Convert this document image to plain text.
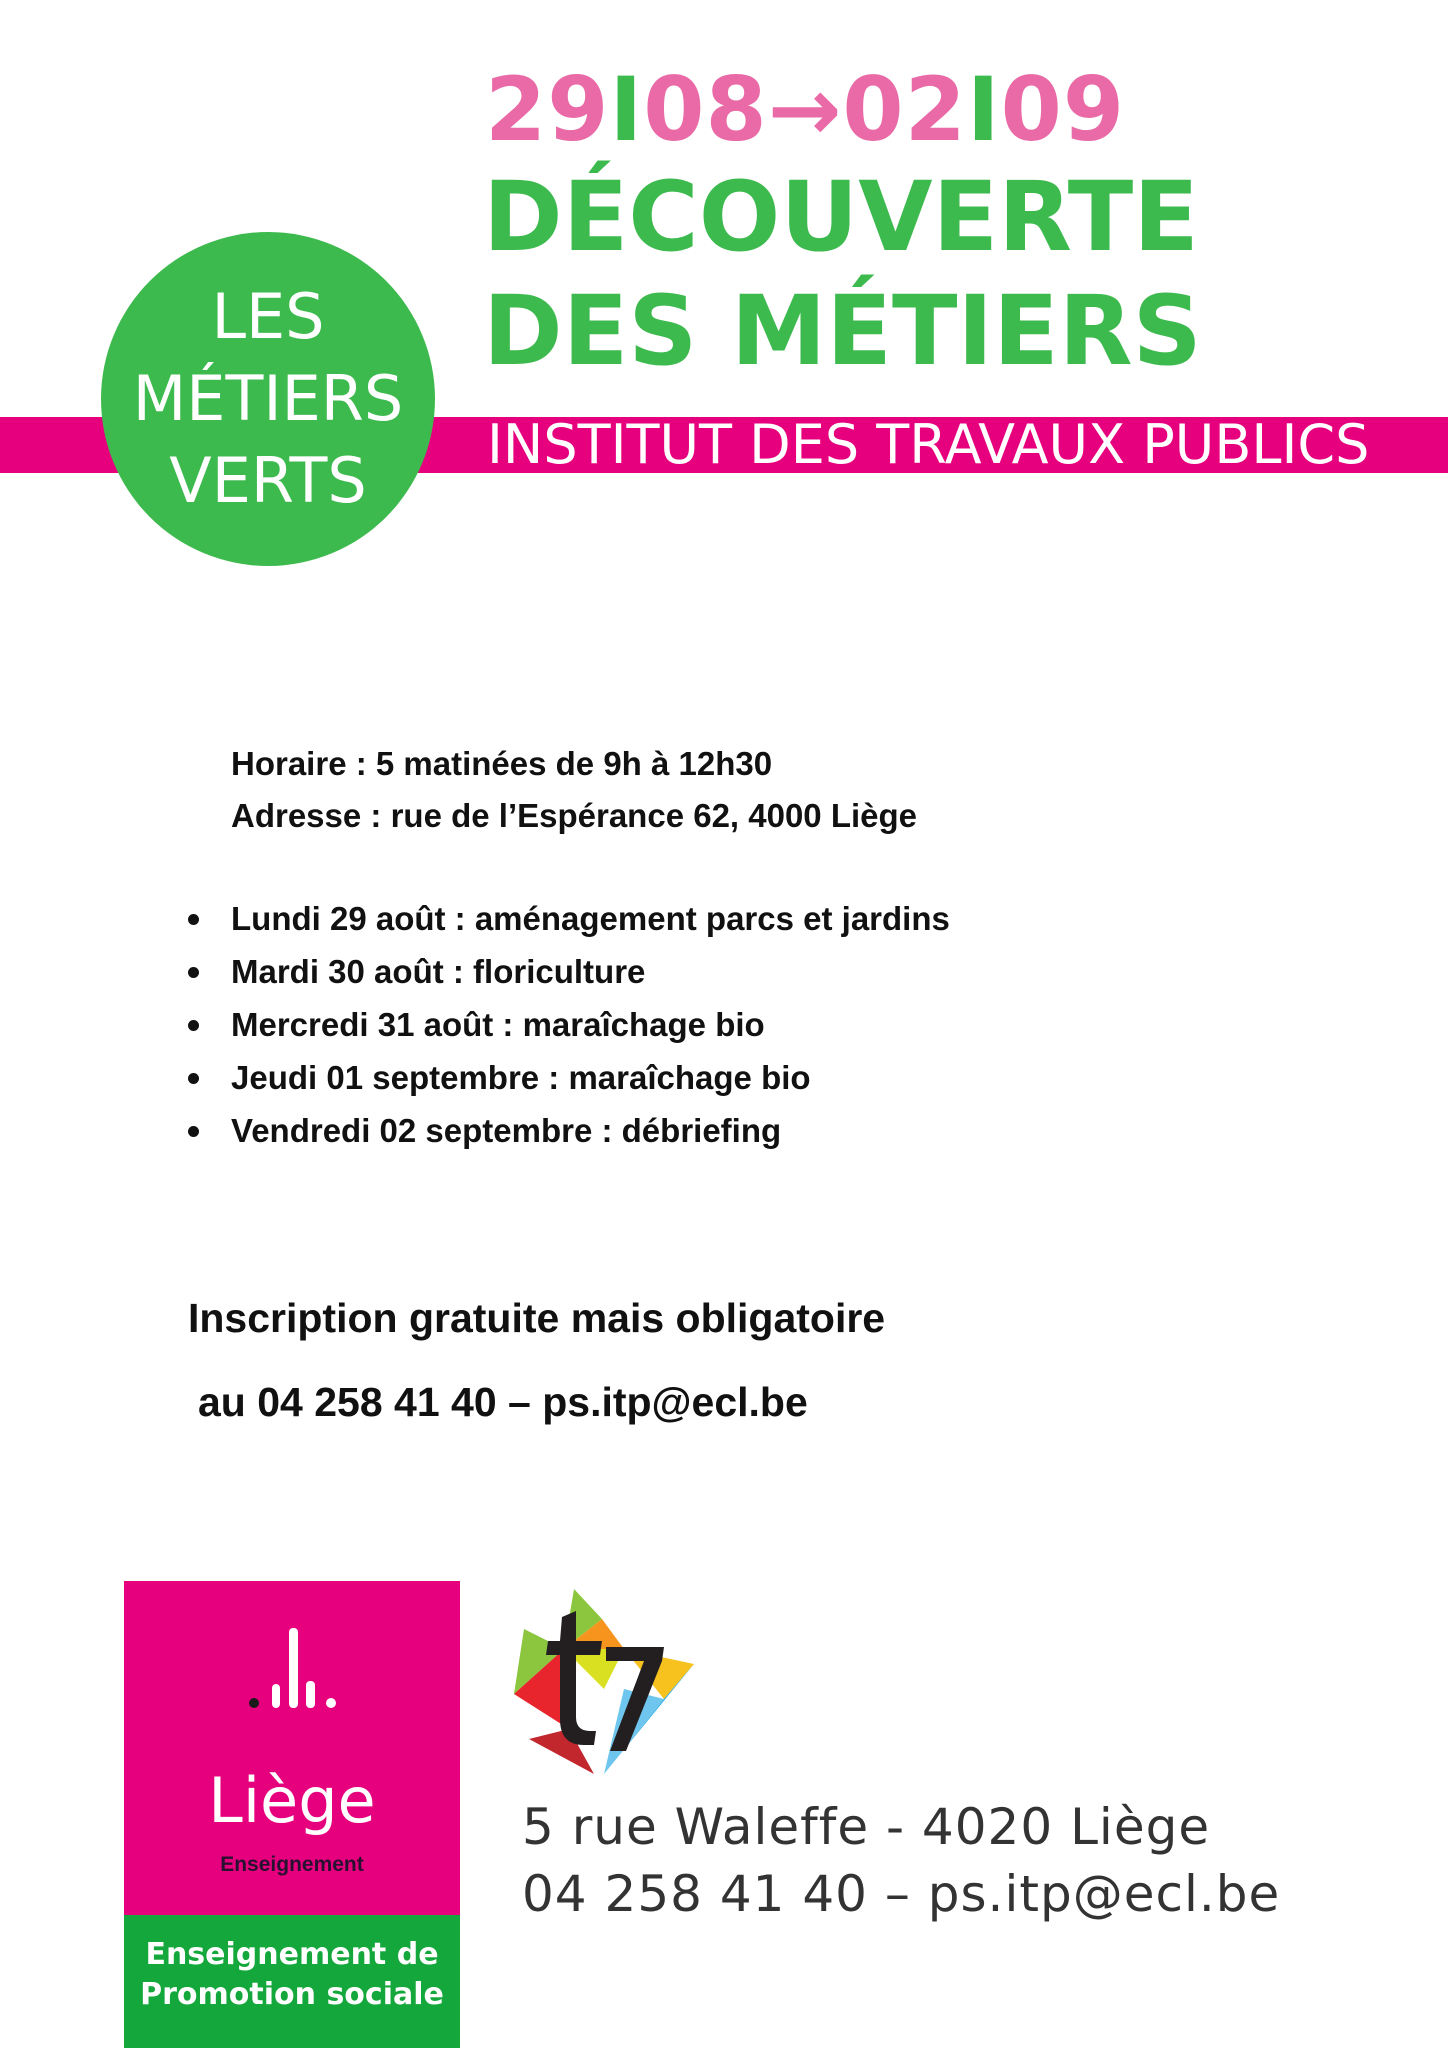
29I08→02I09
DÉCOUVERTE
DES MÉTIERS
INSTITUT DES TRAVAUX PUBLICS
LES
MÉTIERS
VERTS
Horaire : 5 matinées de 9h à 12h30
Adresse : rue de l’Espérance 62, 4000 Liège
Lundi 29 août : aménagement parcs et jardins
Mardi 30 août : floriculture
Mercredi 31 août : maraîchage bio
Jeudi 01 septembre : maraîchage bio
Vendredi 02 septembre : débriefing
Inscription gratuite mais obligatoire
au 04 258 41 40 – ps.itp@ecl.be
Liège
Enseignement
Enseignement de
Promotion sociale
5 rue Waleffe - 4020 Liège
04 258 41 40 – ps.itp@ecl.be
